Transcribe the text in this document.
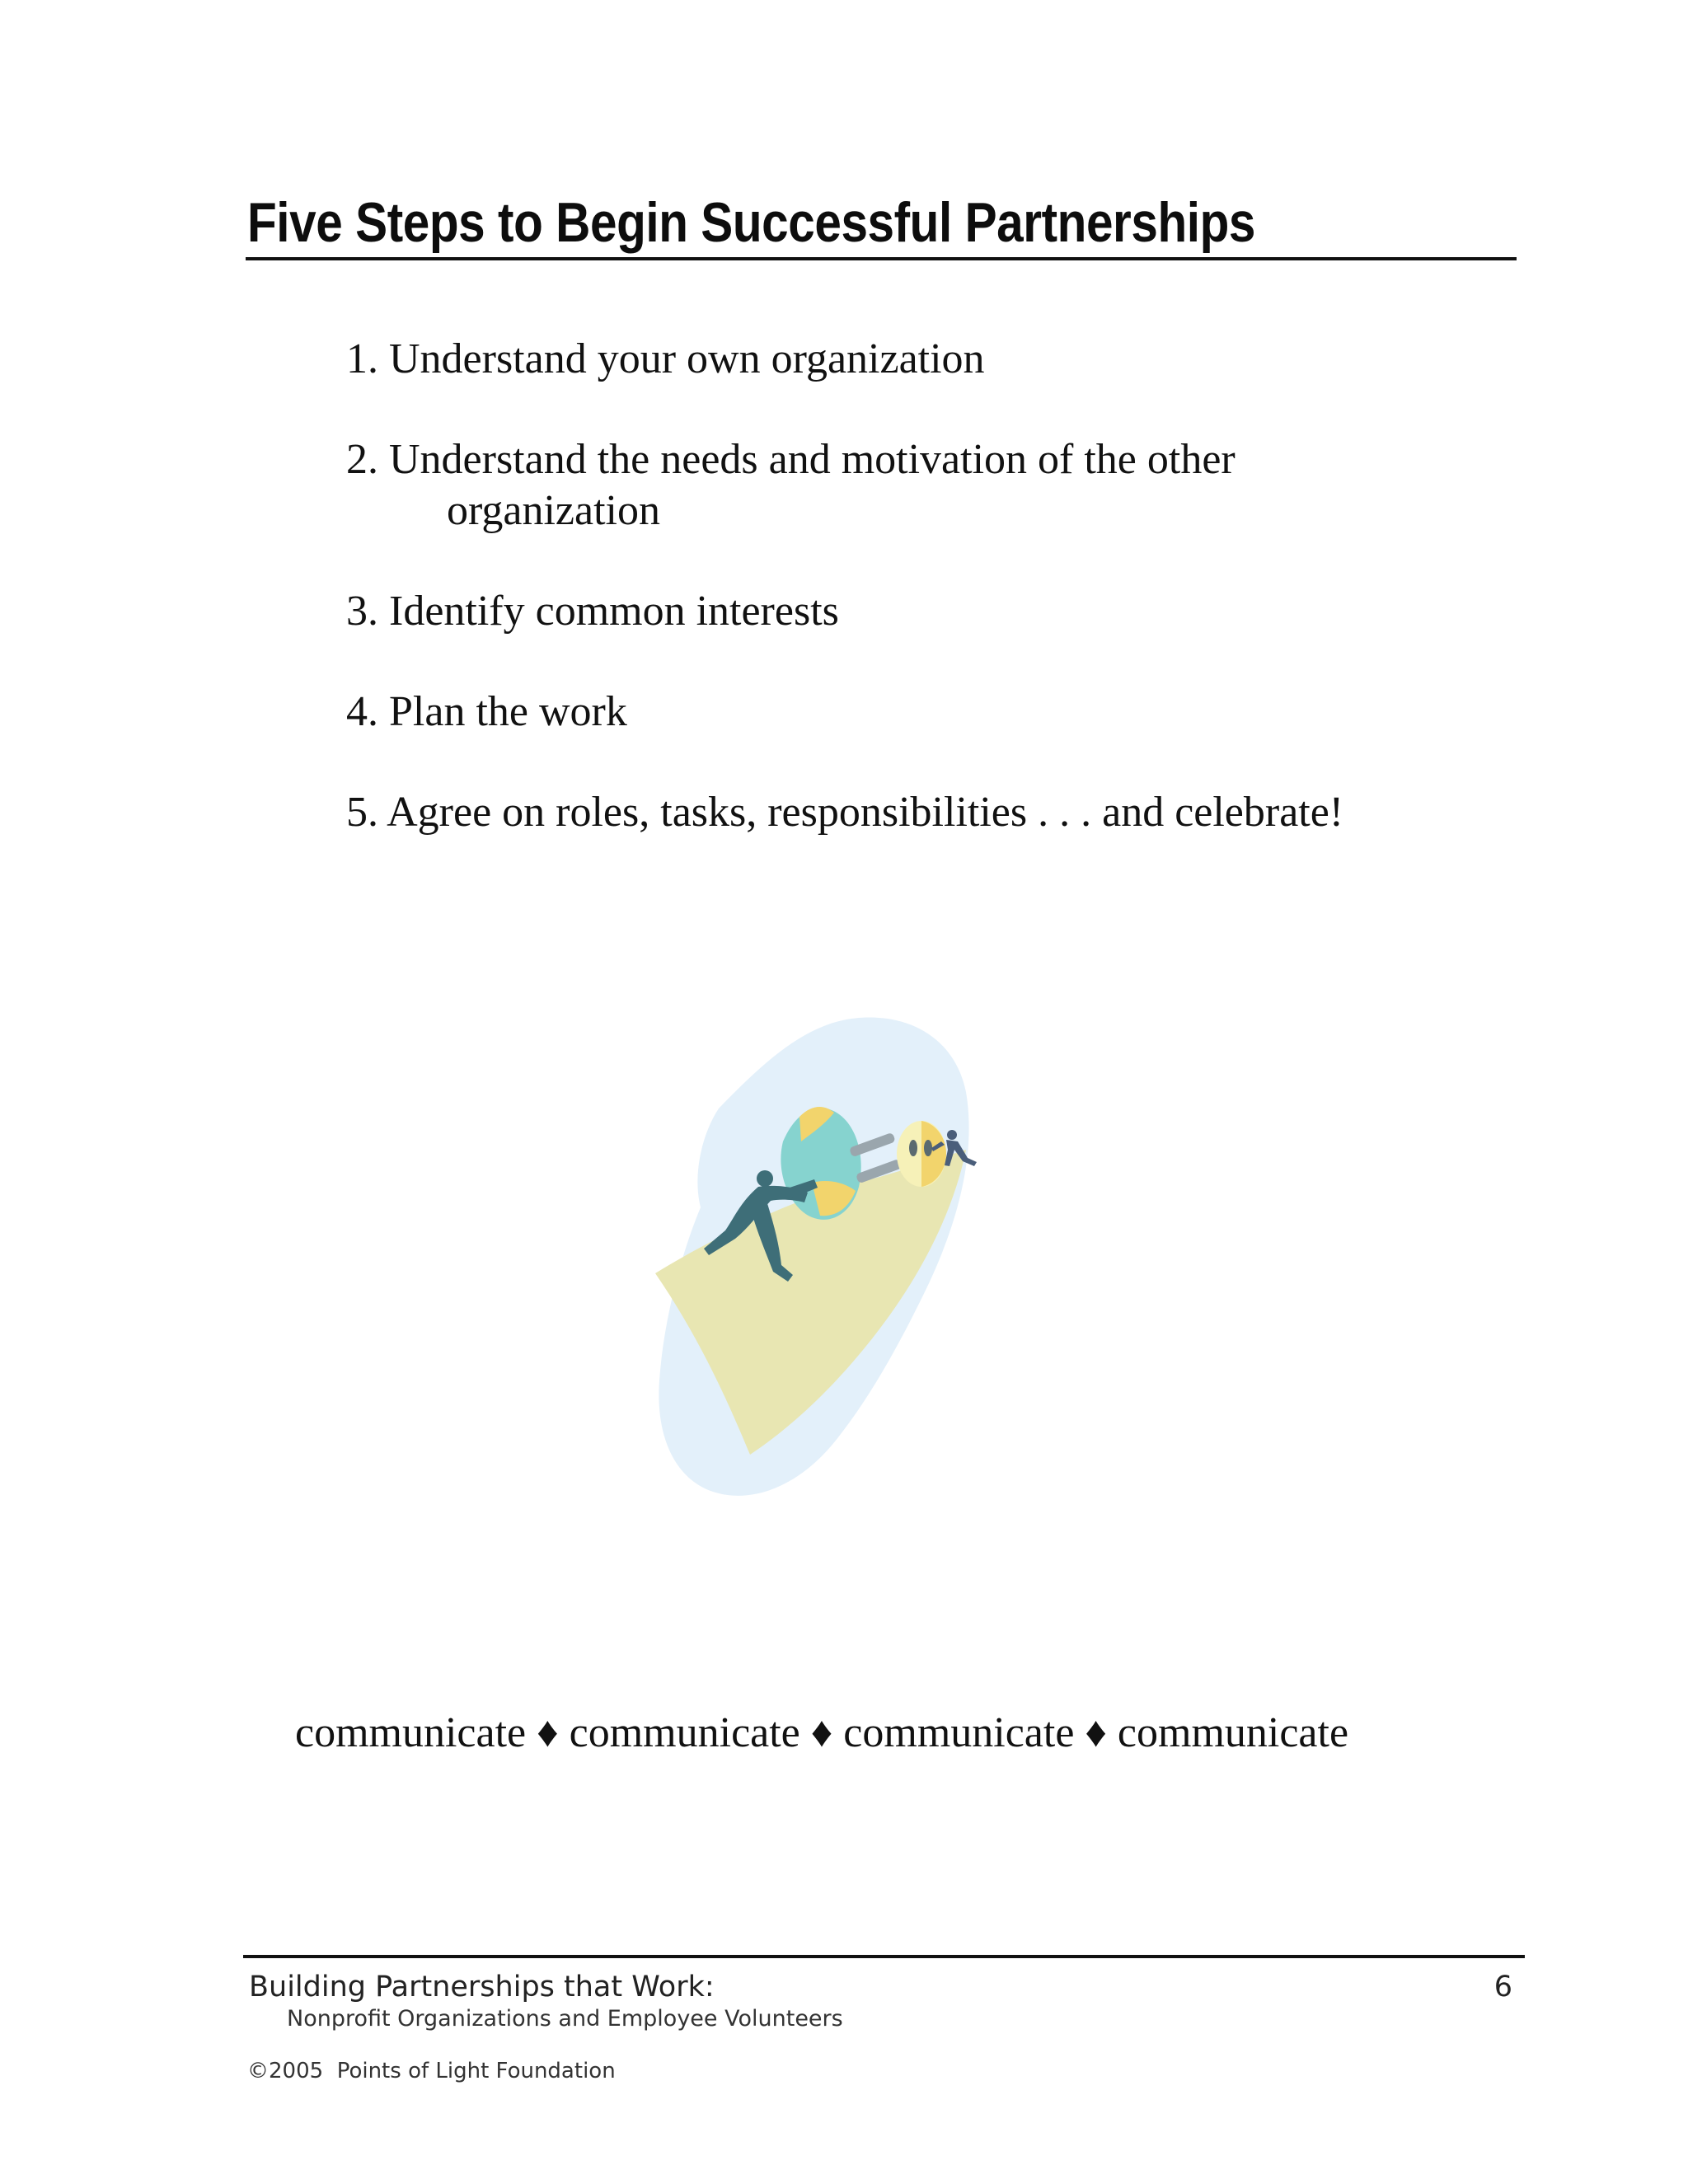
Five Steps to Begin Successful Partnerships
1. Understand your own organization
2. Understand the needs and motivation of the other
organization
3. Identify common interests
4. Plan the work
5. Agree on roles, tasks, responsibilities . . . and celebrate!

communicate ♦ communicate ♦ communicate ♦ communicate

Building Partnerships that Work:
Nonprofit Organizations and Employee Volunteers
©2005  Points of Light Foundation
6
